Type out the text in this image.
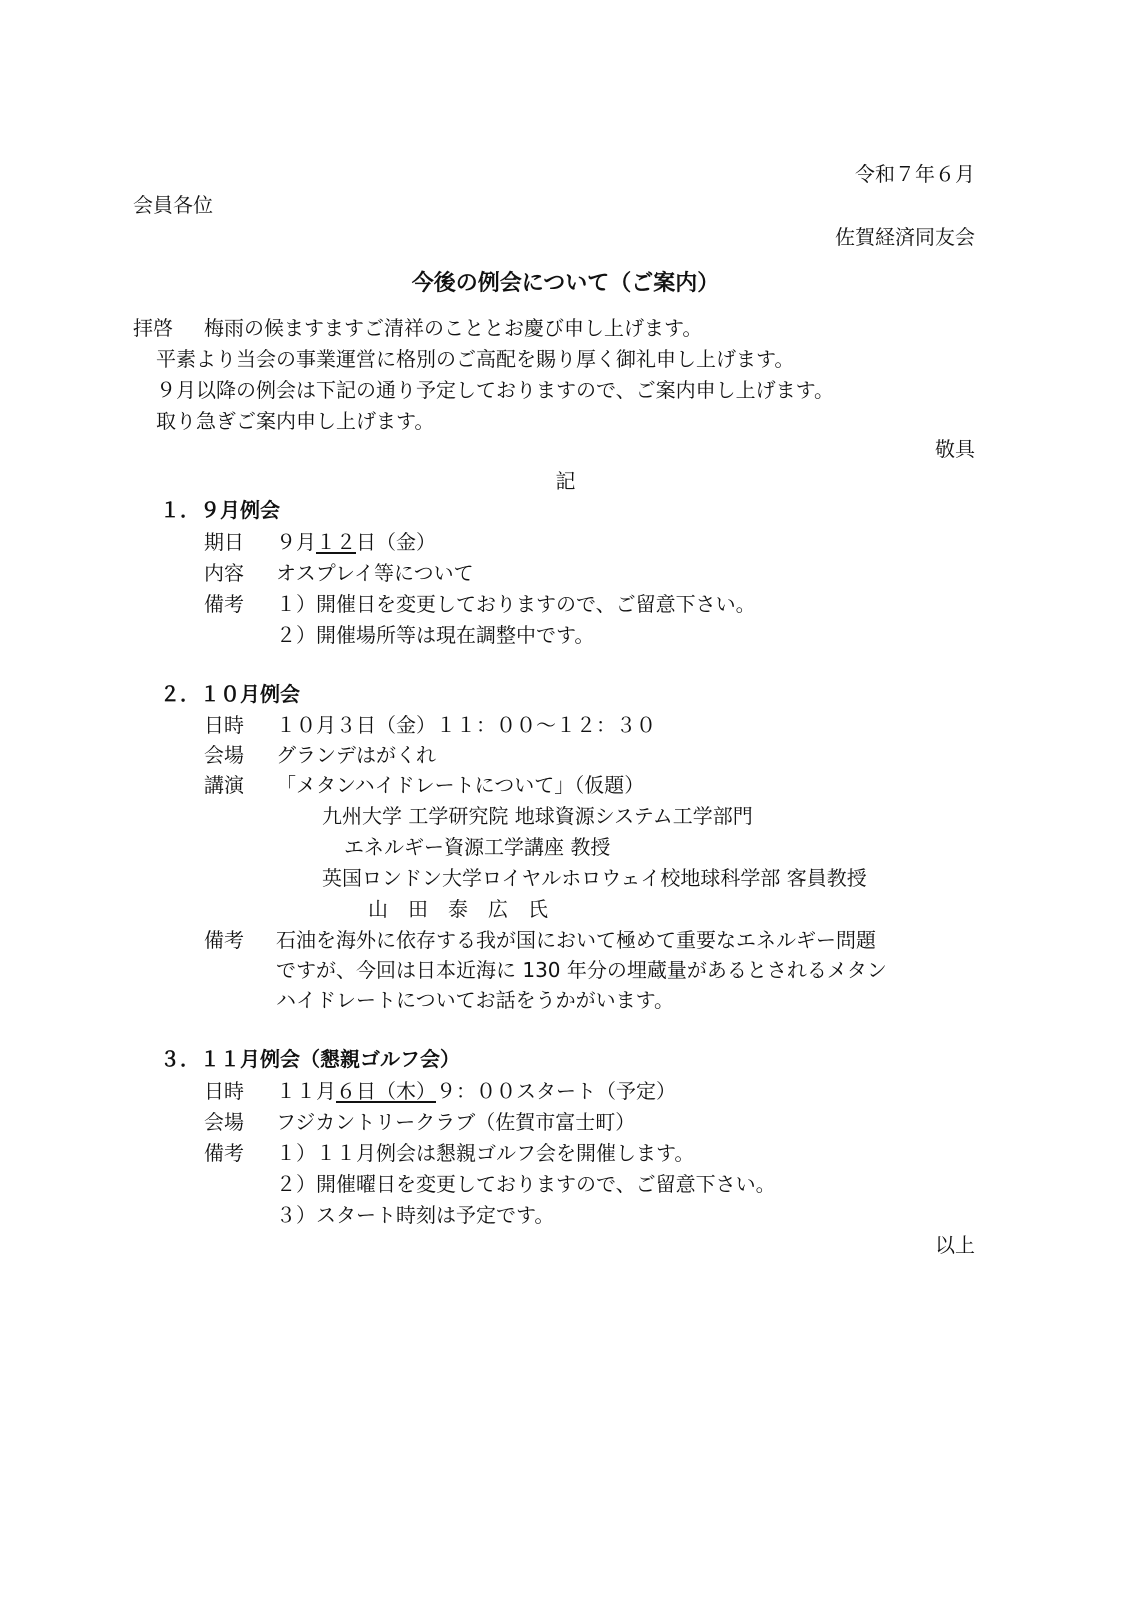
令和７年６月
会員各位
佐賀経済同友会
今後の例会について（ご案内）
拝啓 梅雨の候ますますご清祥のこととお慶び申し上げます。
平素より当会の事業運営に格別のご高配を賜り厚く御礼申し上げます。
９月以降の例会は下記の通り予定しておりますので、ご案内申し上げます。
取り急ぎご案内申し上げます。
敬具
記
１．９月例会
期日 ９月１２日（金）
内容 オスプレイ等について
備考 １）開催日を変更しておりますので、ご留意下さい。
２）開催場所等は現在調整中です。
２．１０月例会
日時 １０月３日（金）１１：００～１２：３０
会場 グランデはがくれ
講演 「メタンハイドレートについて」（仮題）
九州大学 工学研究院 地球資源システム工学部門
エネルギー資源工学講座 教授
英国ロンドン大学ロイヤルホロウェイ校地球科学部 客員教授
山　田　泰　広　氏
備考 石油を海外に依存する我が国において極めて重要なエネルギー問題
ですが、今回は日本近海に 130 年分の埋蔵量があるとされるメタン
ハイドレートについてお話をうかがいます。
３．１１月例会（懇親ゴルフ会）
日時 １１月６日（木）９：００スタート（予定）
会場 フジカントリークラブ（佐賀市富士町）
備考 １）１１月例会は懇親ゴルフ会を開催します。
２）開催曜日を変更しておりますので、ご留意下さい。
３）スタート時刻は予定です。
以上
